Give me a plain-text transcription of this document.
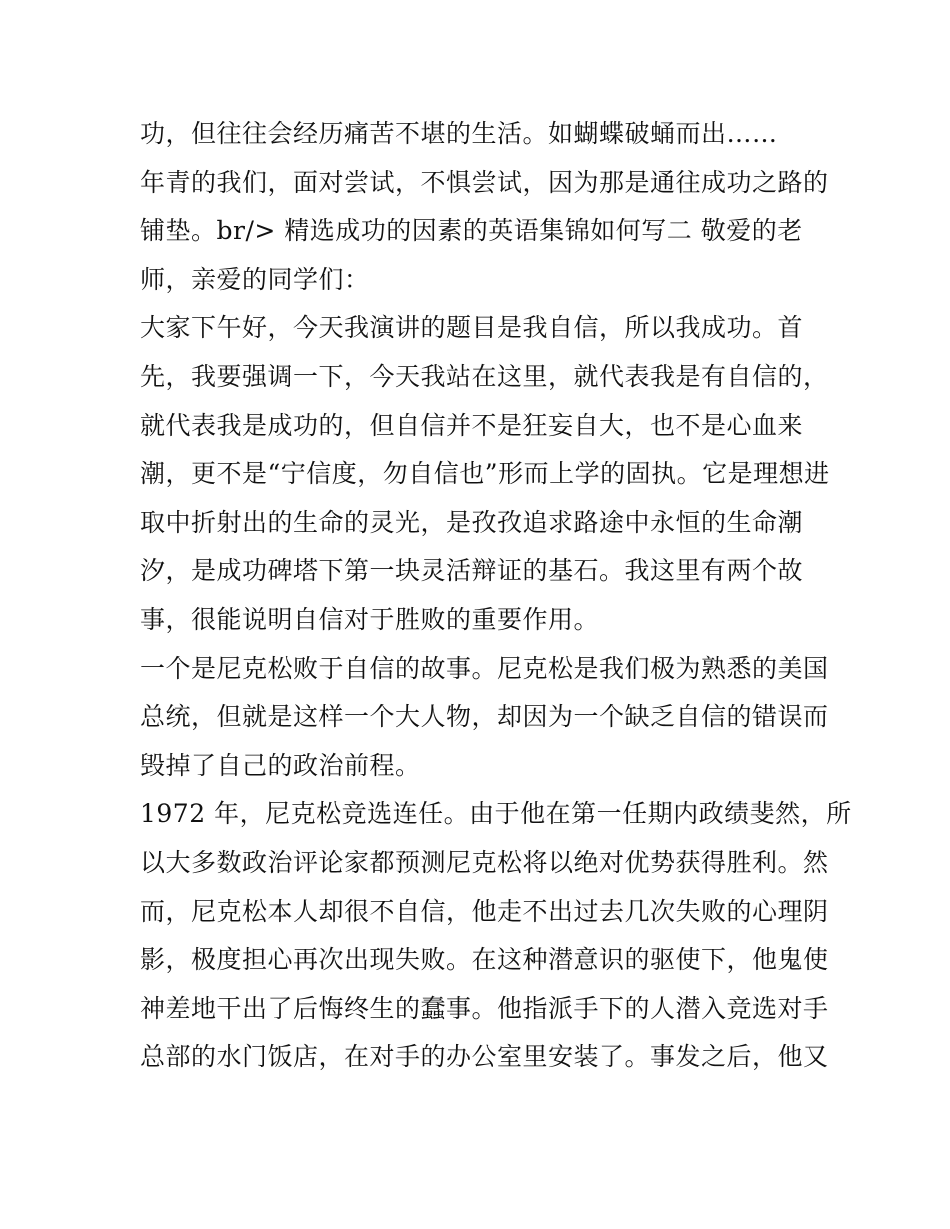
功，但往往会经历痛苦不堪的生活。如蝴蝶破蛹而出……
年青的我们，面对尝试，不惧尝试，因为那是通往成功之路的
铺垫。br/> 精选成功的因素的英语集锦如何写二 敬爱的老
师，亲爱的同学们：
大家下午好，今天我演讲的题目是我自信，所以我成功。首
先，我要强调一下，今天我站在这里，就代表我是有自信的，
就代表我是成功的，但自信并不是狂妄自大，也不是心血来
潮，更不是“宁信度，勿自信也”形而上学的固执。它是理想进
取中折射出的生命的灵光，是孜孜追求路途中永恒的生命潮
汐，是成功碑塔下第一块灵活辩证的基石。我这里有两个故
事，很能说明自信对于胜败的重要作用。
一个是尼克松败于自信的故事。尼克松是我们极为熟悉的美国
总统，但就是这样一个大人物，却因为一个缺乏自信的错误而
毁掉了自己的政治前程。
1972 年，尼克松竞选连任。由于他在第一任期内政绩斐然，所
以大多数政治评论家都预测尼克松将以绝对优势获得胜利。然
而，尼克松本人却很不自信，他走不出过去几次失败的心理阴
影，极度担心再次出现失败。在这种潜意识的驱使下，他鬼使
神差地干出了后悔终生的蠢事。他指派手下的人潜入竞选对手
总部的水门饭店，在对手的办公室里安装了。事发之后，他又
